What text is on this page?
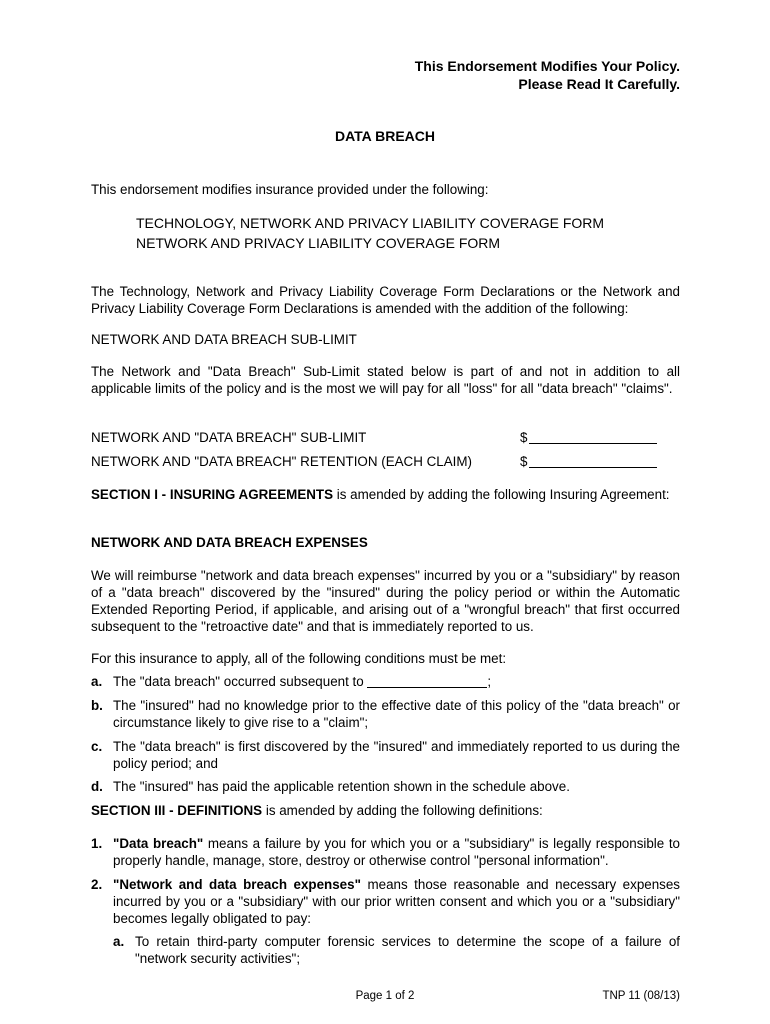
This Endorsement Modifies Your Policy.
Please Read It Carefully.
DATA BREACH
This endorsement modifies insurance provided under the following:
TECHNOLOGY, NETWORK AND PRIVACY LIABILITY COVERAGE FORM
NETWORK AND PRIVACY LIABILITY COVERAGE FORM
The Technology, Network and Privacy Liability Coverage Form Declarations or the Network and Privacy Liability Coverage Form Declarations is amended with the addition of the following:
NETWORK AND DATA BREACH SUB-LIMIT
The Network and "Data Breach" Sub-Limit stated below is part of and not in addition to all applicable limits of the policy and is the most we will pay for all "loss" for all "data breach" "claims".
NETWORK AND "DATA BREACH" SUB-LIMIT	$
NETWORK AND "DATA BREACH" RETENTION (EACH CLAIM)	$
SECTION I - INSURING AGREEMENTS is amended by adding the following Insuring Agreement:
NETWORK AND DATA BREACH EXPENSES
We will reimburse "network and data breach expenses" incurred by you or a "subsidiary" by reason of a "data breach" discovered by the "insured" during the policy period or within the Automatic Extended Reporting Period, if applicable, and arising out of a "wrongful breach" that first occurred subsequent to the "retroactive date" and that is immediately reported to us.
For this insurance to apply, all of the following conditions must be met:
a. The "data breach" occurred subsequent to	;
b. The "insured" had no knowledge prior to the effective date of this policy of the "data breach" or circumstance likely to give rise to a "claim";
c. The "data breach" is first discovered by the "insured" and immediately reported to us during the policy period; and
d. The "insured" has paid the applicable retention shown in the schedule above.
SECTION III - DEFINITIONS is amended by adding the following definitions:
1. "Data breach" means a failure by you for which you or a "subsidiary" is legally responsible to properly handle, manage, store, destroy or otherwise control "personal information".
2. "Network and data breach expenses" means those reasonable and necessary expenses incurred by you or a "subsidiary" with our prior written consent and which you or a "subsidiary" becomes legally obligated to pay:
a. To retain third-party computer forensic services to determine the scope of a failure of "network security activities";
Page 1 of 2	TNP 11 (08/13)
